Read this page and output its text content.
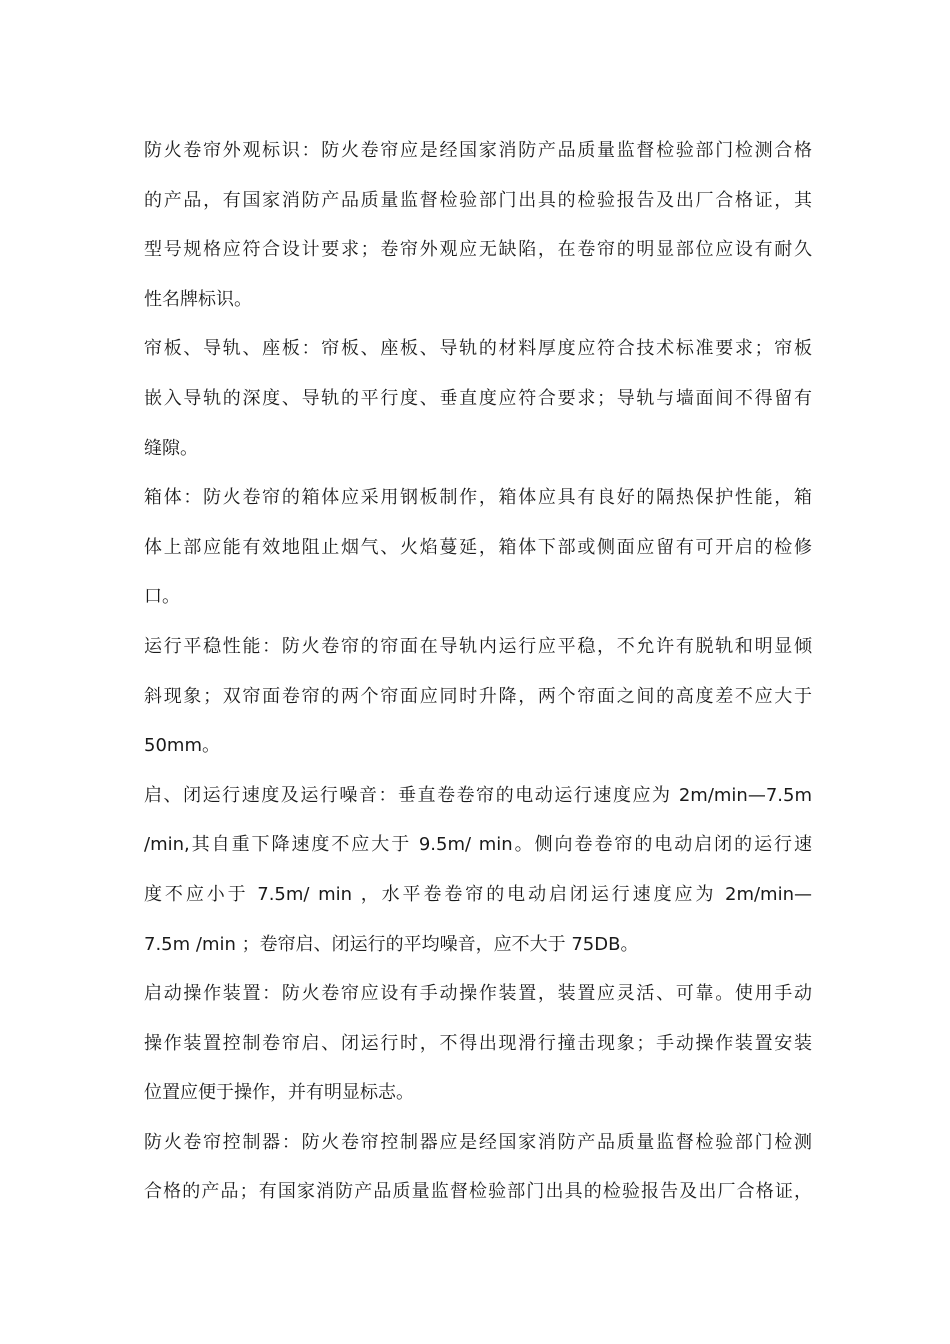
防火卷帘外观标识：防火卷帘应是经国家消防产品质量监督检验部门检测合格
的产品，有国家消防产品质量监督检验部门出具的检验报告及出厂合格证，其
型号规格应符合设计要求；卷帘外观应无缺陷，在卷帘的明显部位应设有耐久
性名牌标识。
帘板、导轨、座板：帘板、座板、导轨的材料厚度应符合技术标准要求；帘板
嵌入导轨的深度、导轨的平行度、垂直度应符合要求；导轨与墙面间不得留有
缝隙。
箱体：防火卷帘的箱体应采用钢板制作，箱体应具有良好的隔热保护性能，箱
体上部应能有效地阻止烟气、火焰蔓延，箱体下部或侧面应留有可开启的检修
口。
运行平稳性能：防火卷帘的帘面在导轨内运行应平稳，不允许有脱轨和明显倾
斜现象；双帘面卷帘的两个帘面应同时升降，两个帘面之间的高度差不应大于
50mm。
启、闭运行速度及运行噪音：垂直卷卷帘的电动运行速度应为 2m/min—7.5m
/min,其自重下降速度不应大于 9.5m/ min。侧向卷卷帘的电动启闭的运行速
度不应小于 7.5m/ min ，水平卷卷帘的电动启闭运行速度应为 2m/min—
7.5m /min ；卷帘启、闭运行的平均噪音，应不大于 75DB。
启动操作装置：防火卷帘应设有手动操作装置，装置应灵活、可靠。使用手动
操作装置控制卷帘启、闭运行时，不得出现滑行撞击现象；手动操作装置安装
位置应便于操作，并有明显标志。
防火卷帘控制器：防火卷帘控制器应是经国家消防产品质量监督检验部门检测
合格的产品；有国家消防产品质量监督检验部门出具的检验报告及出厂合格证，
